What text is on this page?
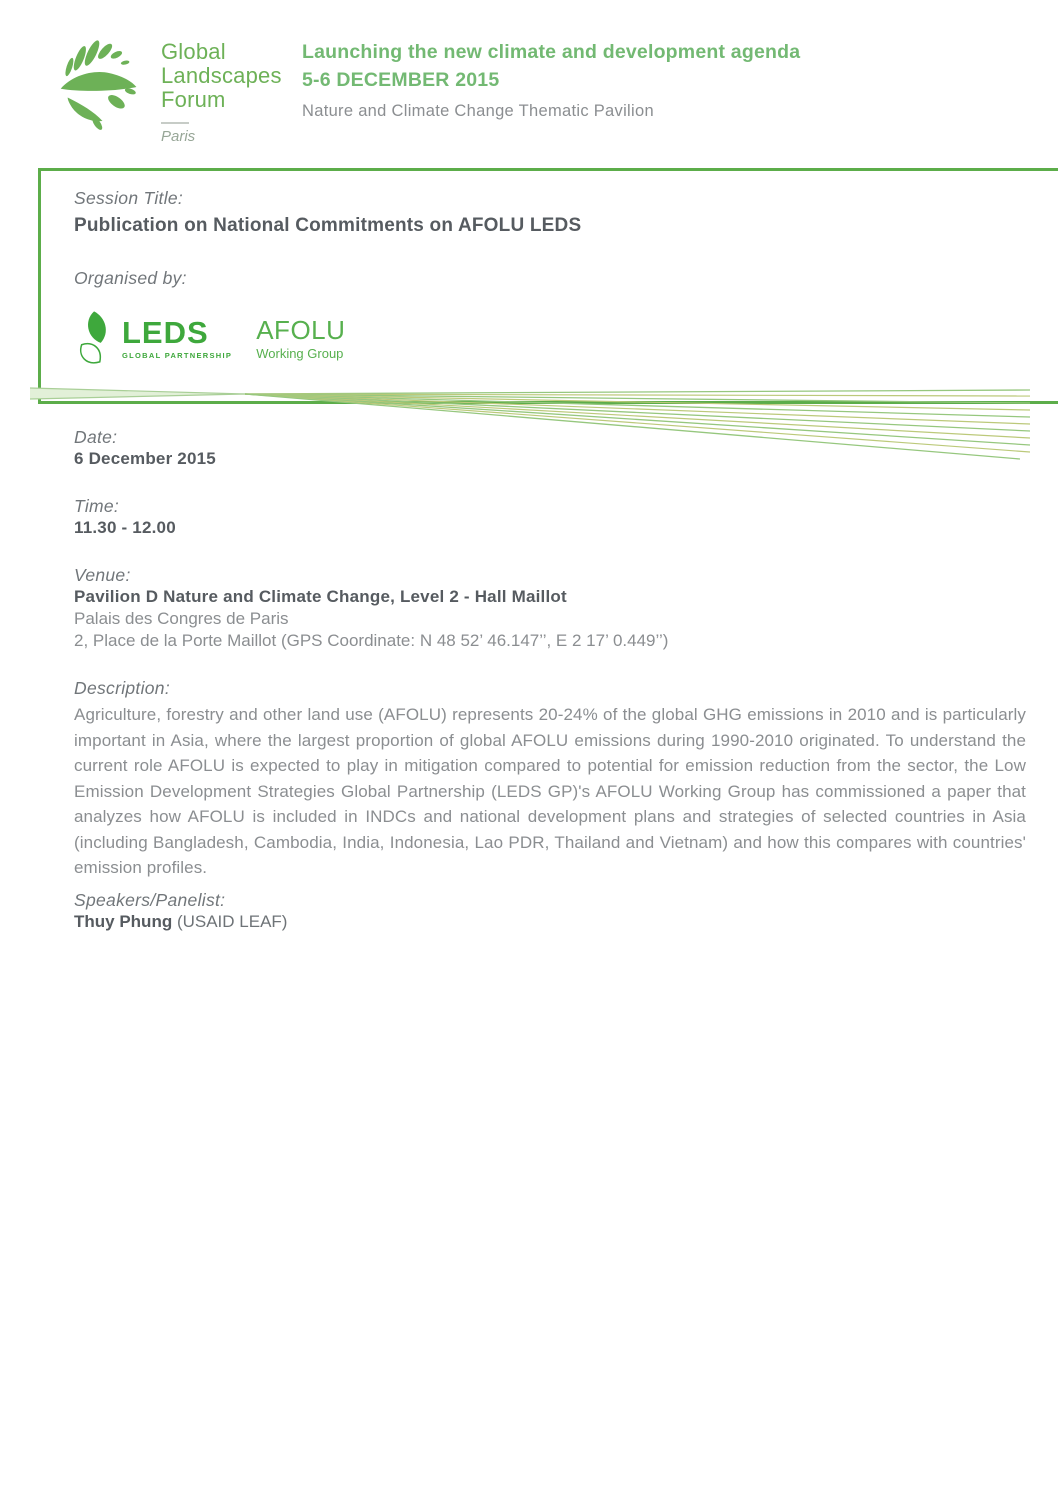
Global
Landscapes
Forum
Paris
Launching the new climate and development agenda
5-6 DECEMBER 2015
Nature and Climate Change Thematic Pavilion
Session Title:
Publication on National Commitments on AFOLU LEDS
Organised by:
LEDS
GLOBAL PARTNERSHIP
AFOLU
Working Group
Date:
6 December 2015
Time:
11.30 - 12.00
Venue:
Pavilion D Nature and Climate Change, Level 2 - Hall Maillot
Palais des Congres de Paris
2, Place de la Porte Maillot (GPS Coordinate: N 48 52’ 46.147’’, E 2 17’ 0.449’’)
Description:

Agriculture, forestry and other land use (AFOLU) represents 20-24% of the global GHG emissions in 2010 and is particularly important in Asia, where the largest proportion of global AFOLU emissions during 1990-2010 originated. To understand the current role AFOLU is expected to play in mitigation compared to potential for emission reduction from the sector, the Low Emission Development Strategies Global Partnership (LEDS GP)'s AFOLU Working Group has commissioned a paper that analyzes how AFOLU is included in INDCs and national development plans and strategies of selected countries in Asia (including Bangladesh, Cambodia, India, Indonesia, Lao PDR, Thailand and Vietnam) and how this compares with countries' emission profiles.

Speakers/Panelist:
Thuy Phung (USAID LEAF)
